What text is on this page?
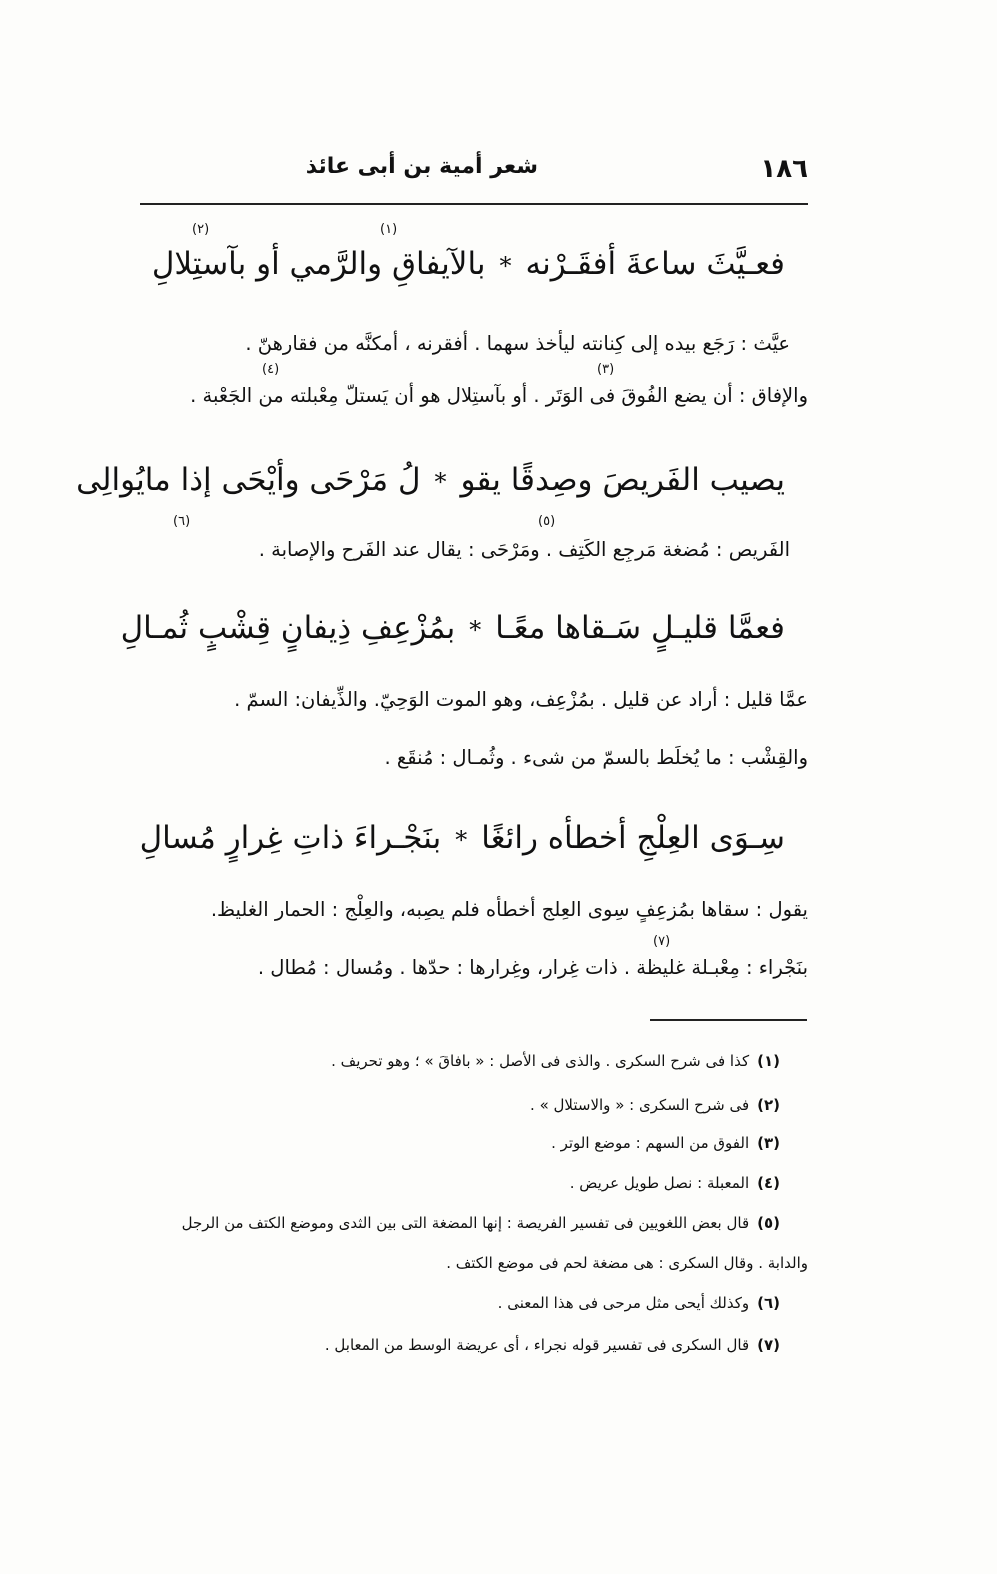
١٨٦
شعر أمية بن أبى عائذ
(١)
(٢)
فعـيَّثَ ساعةَ أفقَـرْنه*بالآيفاقِ والرَّمي أو بآستِلالِ
عيَّث : رَجَع بيده إلى كِنانته ليأخذ سهما . أفقرنه ، أمكنَّه من فقارهنّ .
(٣)
(٤)
والإفاق : أن يضع الفُوقَ فى الوَتَر . أو بآستِلال هو أن يَستلّ مِعْبلته من الجَعْبة .
يصيب الفَريصَ وصِدقًا يقو*لُ مَرْحَى وأيْحَى إذا مايُوالِى
(٥)
(٦)
الفَريص : مُضغة مَرجِع الكَتِف . ومَرْحَى : يقال عند الفَرح والإصابة .
فعمَّا قليـلٍ سَـقاها معًـا*بمُزْعِفِ ذِيفانٍ قِشْبٍ ثُمـالِ
عمَّا قليل : أراد عن قليل . بمُزْعِف، وهو الموت الوَحِيّ. والذِّيفان: السمّ .
والقِشْب : ما يُخلَط بالسمّ من شىء . وثُمـال : مُنقَع .
سِـوَى العِلْجِ أخطأه رائغًا*بنَجْـراءَ ذاتِ غِرارٍ مُسالِ
يقول : سقاها بمُزعِفٍ سِوى العِلج أخطأه فلم يصِبه، والعِلْج : الحمار الغليظ.
(٧)
بنَجْراء : مِعْبـلة غليظة . ذات غِرار، وغِرارها : حدّها . ومُسال : مُطال .
(١)كذا فى شرح السكرى . والذى فى الأصل : « بافاقَ » ؛ وهو تحريف .
(٢)فى شرح السكرى : « والاستلال » .
(٣)الفوق من السهم : موضع الوتر .
(٤)المعبلة : نصل طويل عريض .
(٥)قال بعض اللغويين فى تفسير الفريصة : إنها المضغة التى بين الثدى وموضع الكتف من الرجل
والدابة . وقال السكرى : هى مضغة لحم فى موضع الكتف .
(٦)وكذلك أيحى مثل مرحى فى هذا المعنى .
(٧)قال السكرى فى تفسير قوله نجراء ، أى عريضة الوسط من المعابل .
